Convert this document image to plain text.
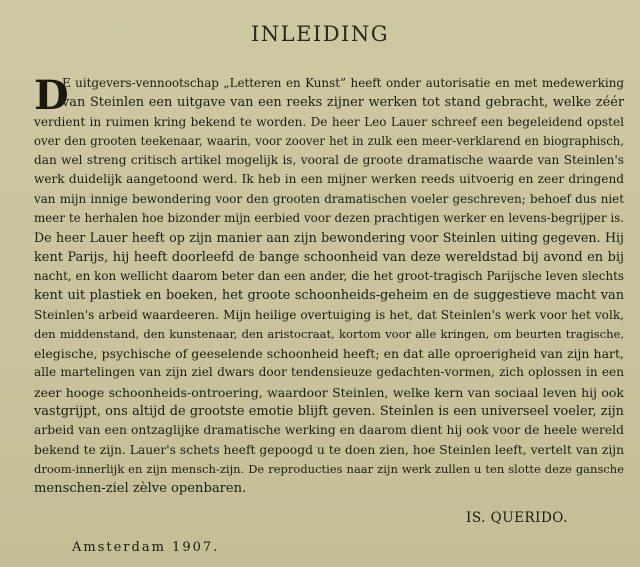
INLEIDING
D
E uitgevers-vennootschap „Letteren en Kunst” heeft onder autorisatie en met medewerking
van Steinlen een uitgave van een reeks zijner werken tot stand gebracht, welke zéér
verdient in ruimen kring bekend te worden. De heer Leo Lauer schreef een begeleidend opstel
over den grooten teekenaar, waarin, voor zoover het in zulk een meer-verklarend en biographisch,
dan wel streng critisch artikel mogelijk is, vooral de groote dramatische waarde van Steinlen's
werk duidelijk aangetoond werd. Ik heb in een mijner werken reeds uitvoerig en zeer dringend
van mijn innige bewondering voor den grooten dramatischen voeler geschreven; behoef dus niet
meer te herhalen hoe bizonder mijn eerbied voor dezen prachtigen werker en levens-begrijper is.
De heer Lauer heeft op zijn manier aan zijn bewondering voor Steinlen uiting gegeven. Hij
kent Parijs, hij heeft doorleefd de bange schoonheid van deze wereldstad bij avond en bij
nacht, en kon wellicht daarom beter dan een ander, die het groot-tragisch Parijsche leven slechts
kent uit plastiek en boeken, het groote schoonheids-geheim en de suggestieve macht van
Steinlen's arbeid waardeeren. Mijn heilige overtuiging is het, dat Steinlen's werk voor het volk,
den middenstand, den kunstenaar, den aristocraat, kortom voor alle kringen, om beurten tragische,
elegische, psychische of geeselende schoonheid heeft; en dat alle oproerigheid van zijn hart,
alle martelingen van zijn ziel dwars door tendensieuze gedachten-vormen, zich oplossen in een
zeer hooge schoonheids-ontroering, waardoor Steinlen, welke kern van sociaal leven hij ook
vastgrijpt, ons altijd de grootste emotie blijft geven. Steinlen is een universeel voeler, zijn
arbeid van een ontzaglijke dramatische werking en daarom dient hij ook voor de heele wereld
bekend te zijn. Lauer's schets heeft gepoogd u te doen zien, hoe Steinlen leeft, vertelt van zijn
droom-innerlijk en zijn mensch-zijn. De reproducties naar zijn werk zullen u ten slotte deze gansche
menschen-ziel zèlve openbaren.
IS. QUERIDO.
Amsterdam 1907.
